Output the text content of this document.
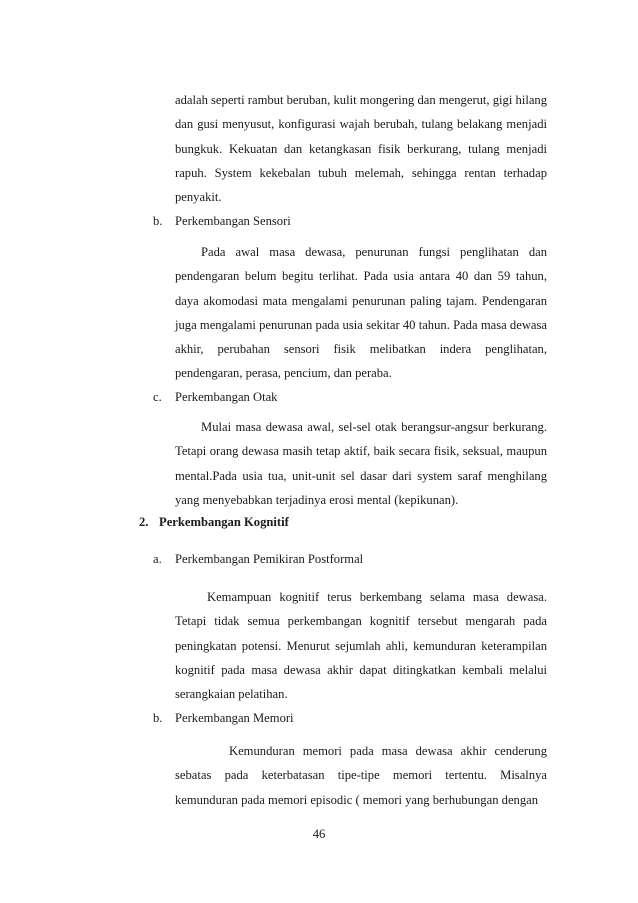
adalah seperti rambut beruban, kulit mongering dan mengerut, gigi hilang dan gusi menyusut, konfigurasi wajah berubah, tulang belakang menjadi bungkuk. Kekuatan dan ketangkasan fisik berkurang, tulang menjadi rapuh. System kekebalan tubuh melemah, sehingga rentan terhadap penyakit.

b. Perkembangan Sensori

Pada awal masa dewasa, penurunan fungsi penglihatan dan pendengaran belum begitu terlihat. Pada usia antara 40 dan 59 tahun, daya akomodasi mata mengalami penurunan paling tajam. Pendengaran juga mengalami penurunan pada usia sekitar 40 tahun. Pada masa dewasa akhir, perubahan sensori fisik melibatkan indera penglihatan, pendengaran, perasa, pencium, dan peraba.

c. Perkembangan Otak

Mulai masa dewasa awal, sel-sel otak berangsur-angsur berkurang. Tetapi orang dewasa masih tetap aktif, baik secara fisik, seksual, maupun mental.Pada usia tua, unit-unit sel dasar dari system saraf menghilang yang menyebabkan terjadinya erosi mental (kepikunan).

2. Perkembangan Kognitif
a. Perkembangan Pemikiran Postformal

Kemampuan kognitif terus berkembang selama masa dewasa. Tetapi tidak semua perkembangan kognitif tersebut mengarah pada peningkatan potensi. Menurut sejumlah ahli, kemunduran keterampilan kognitif pada masa dewasa akhir dapat ditingkatkan kembali melalui serangkaian pelatihan.

b. Perkembangan Memori

Kemunduran memori pada masa dewasa akhir cenderung sebatas pada keterbatasan tipe-tipe memori tertentu. Misalnya kemunduran pada memori episodic ( memori yang berhubungan dengan

46
